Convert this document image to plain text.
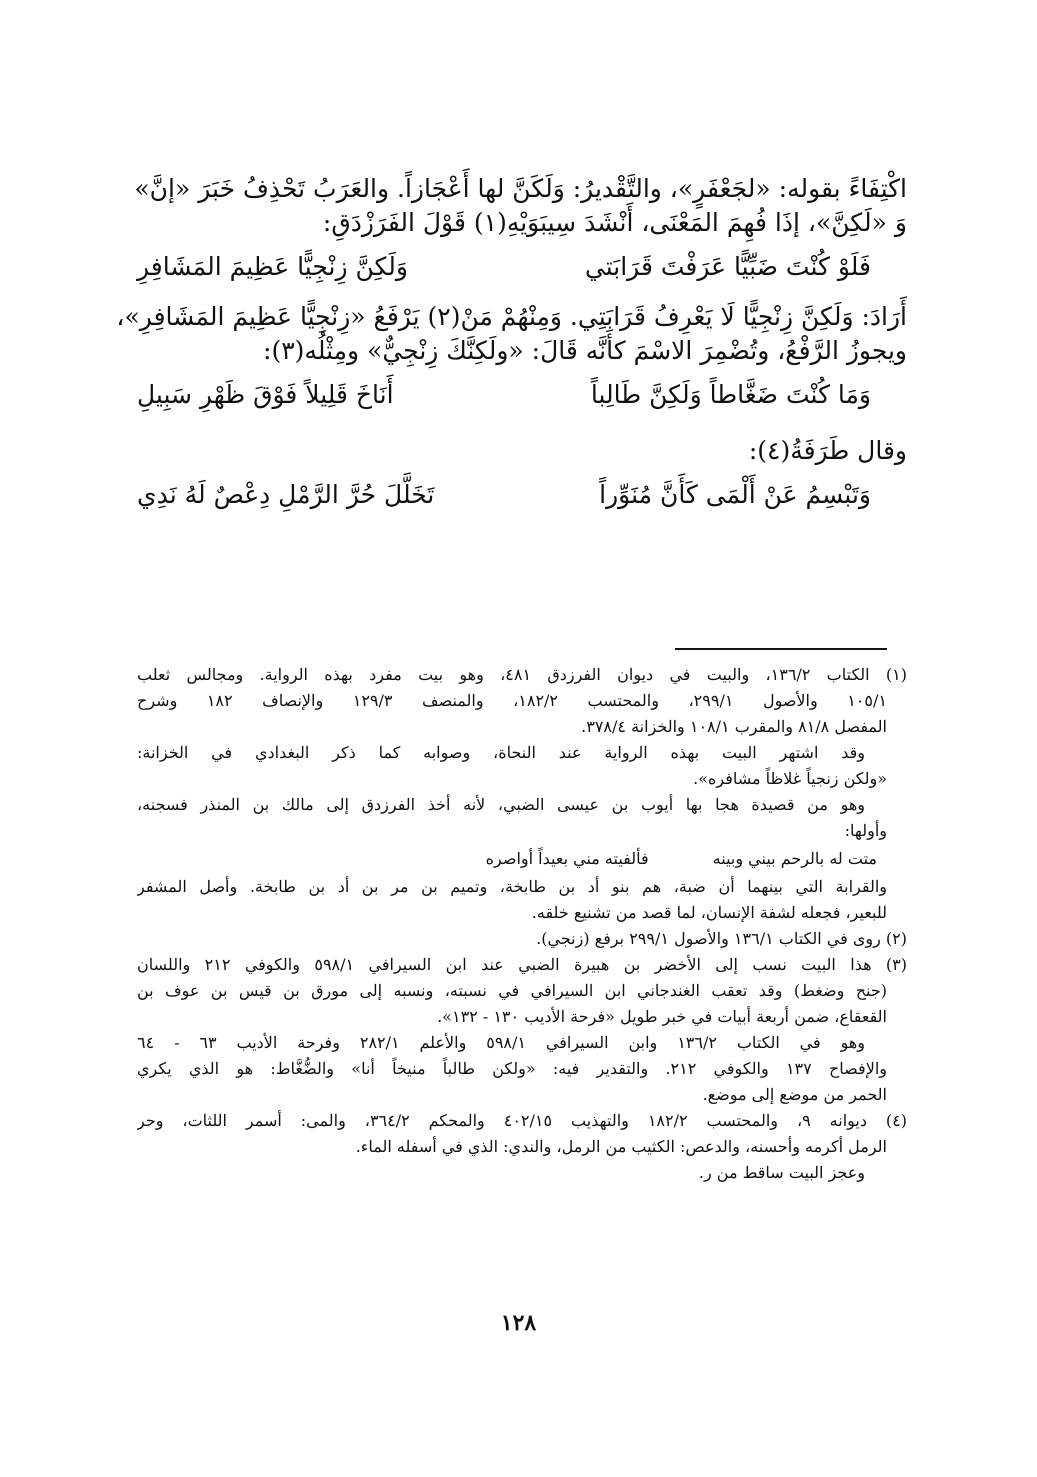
اكْتِفَاءً بقوله: «لجَعْفَرٍ»، والتَّقْديرُ: وَلَكَنَّ لها أَعْجَازاً. والعَرَبُ تَحْذِفُ خَبَرَ «إنَّ»
وَ «لَكِنَّ»، إذَا فُهِمَ المَعْنَى، أَنْشَدَ سِيبَوَيْهِ(١) قَوْلَ الفَرَزْدَقِ:
فَلَوْ كُنْتَ ضَبِّيًّا عَرَفْتَ قَرَابَتي
وَلَكِنَّ زِنْجِيًّا عَظِيمَ المَشَافِرِ
أَرَادَ: وَلَكِنَّ زِنْجِيًّا لَا يَعْرِفُ قَرَابَتِي. وَمِنْهُمْ مَنْ(٢) يَرْفَعُ «زِنْجِيًّا عَظِيمَ المَشَافِرِ»،
ويجوزُ الرَّفْعُ، وتُضْمِرَ الاسْمَ كأَنَّه قَالَ: «ولَكِنَّكَ زِنْجِيٌّ» ومِثْلُه(٣):
وَمَا كُنْتَ ضَغَّاطاً وَلَكِنَّ طَالِباً
أَنَاخَ قَلِيلاً فَوْقَ ظَهْرِ سَبِيلِ
وقال طَرَفَةُ(٤):
وَتَبْسِمُ عَنْ أَلْمَى كَأَنَّ مُنَوِّراً
تَخَلَّلَ حُرَّ الرَّمْلِ دِعْصٌ لَهُ نَدِي
(١) الكتاب ١٣٦/٢، والبيت في ديوان الفرزدق ٤٨١، وهو بيت مفرد بهذه الرواية. ومجالس ثعلب
١٠٥/١ والأصول ٢٩٩/١، والمحتسب ١٨٢/٢، والمنصف ١٢٩/٣ والإنصاف ١٨٢ وشرح
المفصل ٨١/٨ والمقرب ١٠٨/١ والخزانة ٣٧٨/٤.
وقد اشتهر البيت بهذه الرواية عند النحاة، وصوابه كما ذكر البغدادي في الخزانة:
«ولكن زنجياً غلاظاً مشافره».
وهو من قصيدة هجا بها أيوب بن عيسى الضبي، لأنه أخذ الفرزدق إلى مالك بن المنذر فسجنه،
وأولها:
متت له بالرحم بيني وبينه
فألفيته مني بعيداً أواصره
والقرابة التي بينهما أن ضبة، هم بنو أد بن طابخة، وتميم بن مر بن أد بن طابخة. وأصل المشفر
للبعير، فجعله لشفة الإنسان، لما قصد من تشنيع خلقه.
(٢) روى في الكتاب ١٣٦/١ والأصول ٢٩٩/١ برفع (زنجي).
(٣) هذا البيت نسب إلى الأخضر بن هبيرة الضبي عند ابن السيرافي ٥٩٨/١ والكوفي ٢١٢ واللسان
(جنح وضغط) وقد تعقب الغندجاني ابن السيرافي في نسبته، ونسبه إلى مورق بن قيس بن عوف بن
القعقاع، ضمن أربعة أبيات في خبر طويل «فرحة الأديب ١٣٠ - ١٣٢».
وهو في الكتاب ١٣٦/٢ وابن السيرافي ٥٩٨/١ والأعلم ٢٨٢/١ وفرحة الأديب ٦٣ - ٦٤
والإفصاح ١٣٧ والكوفي ٢١٢. والتقدير فيه: «ولكن طالباً منيخاً أنا» والضُّغَّاط: هو الذي يكري
الحمر من موضع إلى موضع.
(٤) ديوانه ٩، والمحتسب ١٨٢/٢ والتهذيب ٤٠٢/١٥ والمحكم ٣٦٤/٢، والمى: أسمر اللثات، وحر
الرمل أكرمه وأحسنه، والدعص: الكثيب من الرمل، والندي: الذي في أسفله الماء.
وعجز البيت ساقط من ر.
١٢٨
